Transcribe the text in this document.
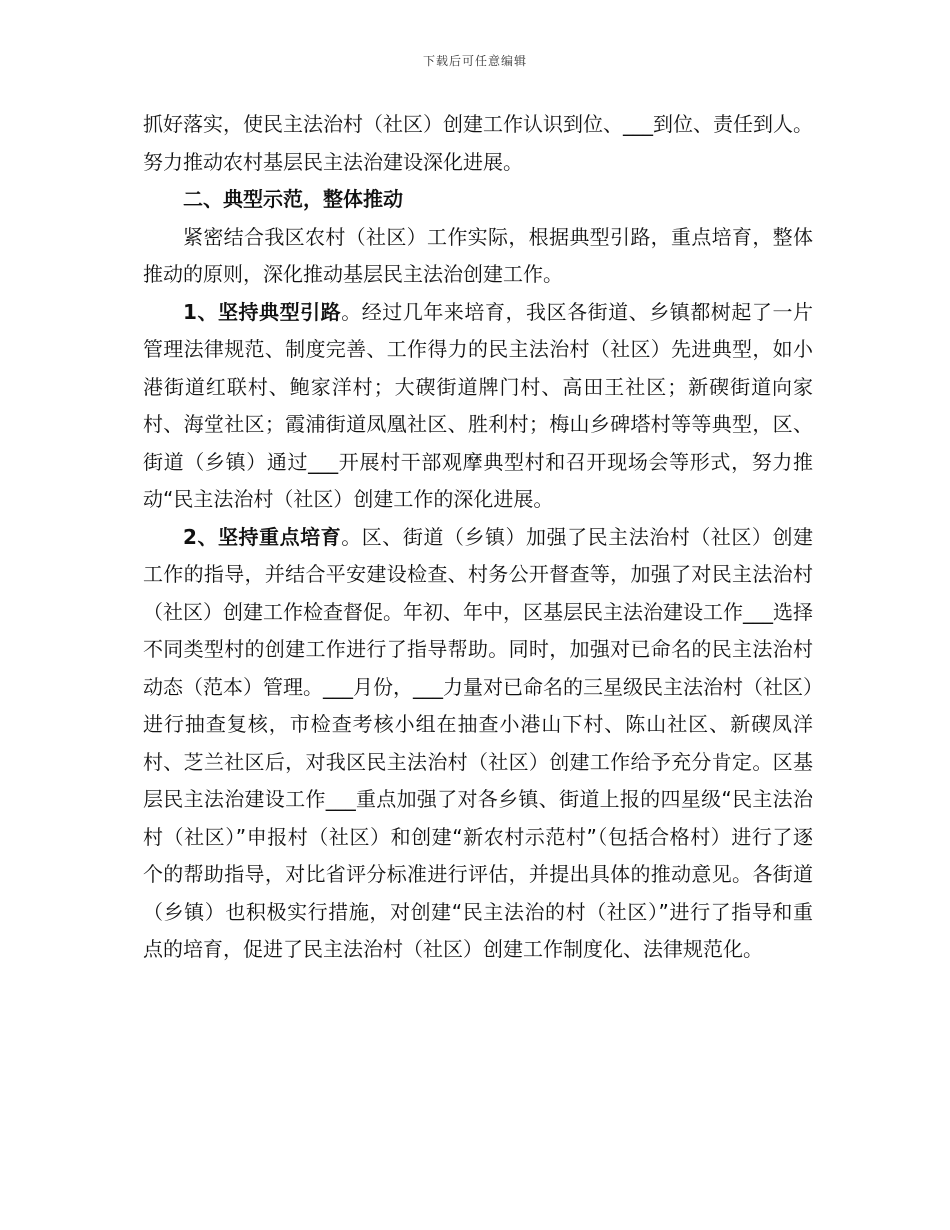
下载后可任意编辑

抓好落实，使民主法治村（社区）创建工作认识到位、___到位、责任到人。努力推动农村基层民主法治建设深化进展。

二、典型示范，整体推动

紧密结合我区农村（社区）工作实际，根据典型引路，重点培育，整体推动的原则，深化推动基层民主法治创建工作。

1、坚持典型引路。经过几年来培育，我区各街道、乡镇都树起了一片管理法律规范、制度完善、工作得力的民主法治村（社区）先进典型，如小港街道红联村、鲍家洋村；大碶街道牌门村、高田王社区；新碶街道向家村、海堂社区；霞浦街道凤凰社区、胜利村；梅山乡碑塔村等等典型，区、街道（乡镇）通过___开展村干部观摩典型村和召开现场会等形式，努力推动“民主法治村（社区）创建工作的深化进展。

2、坚持重点培育。区、街道（乡镇）加强了民主法治村（社区）创建工作的指导，并结合平安建设检查、村务公开督查等，加强了对民主法治村（社区）创建工作检查督促。年初、年中，区基层民主法治建设工作___选择不同类型村的创建工作进行了指导帮助。同时，加强对已命名的民主法治村动态（范本）管理。___月份，___力量对已命名的三星级民主法治村（社区）进行抽查复核，市检查考核小组在抽查小港山下村、陈山社区、新碶凤洋村、芝兰社区后，对我区民主法治村（社区）创建工作给予充分肯定。区基层民主法治建设工作___重点加强了对各乡镇、街道上报的四星级“民主法治村（社区）”申报村（社区）和创建“新农村示范村”（包括合格村）进行了逐个的帮助指导，对比省评分标准进行评估，并提出具体的推动意见。各街道（乡镇）也积极实行措施，对创建“民主法治的村（社区）”进行了指导和重点的培育，促进了民主法治村（社区）创建工作制度化、法律规范化。
